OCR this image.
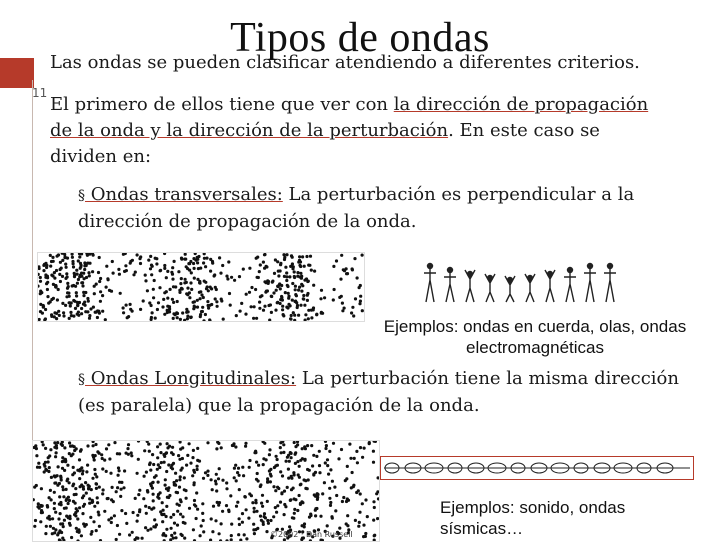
11
Tipos de ondas
Las ondas se pueden clasificar atendiendo a diferentes criterios.
El primero de ellos tiene que ver con la dirección de propagación de la onda y la dirección de la perturbación. En este caso se dividen en:
§ Ondas transversales: La perturbación es perpendicular a la dirección de propagación de la onda.
Ejemplos: ondas en cuerda, olas, ondas electromagnéticas
§ Ondas Longitudinales: La perturbación tiene la misma dirección (es paralela) que la propagación de la onda.
Ejemplos: sonido, ondas sísmicas…
©2002 · Dan Russell
